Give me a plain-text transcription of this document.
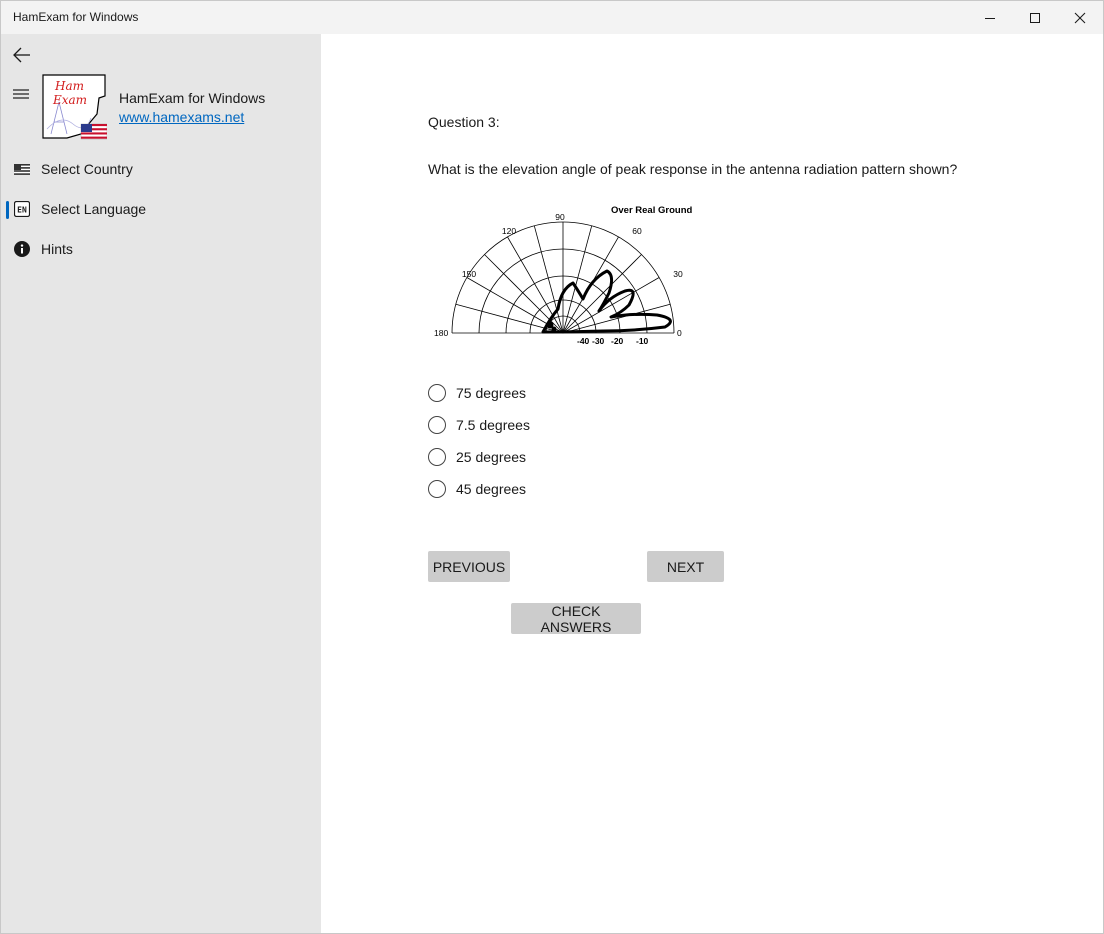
HamExam for Windows
Ham
Exam HamExam for Windows
www.hamexams.net
Select Country
EN Select Language
Hints
Question 3:
What is the elevation angle of peak response in the antenna radiation pattern shown?
Over Real Ground
90
120	60
150	30
180	0
-40 -30 -20 -10
75 degrees
7.5 degrees
25 degrees
45 degrees
PREVIOUS	NEXT
CHECK ANSWERS
